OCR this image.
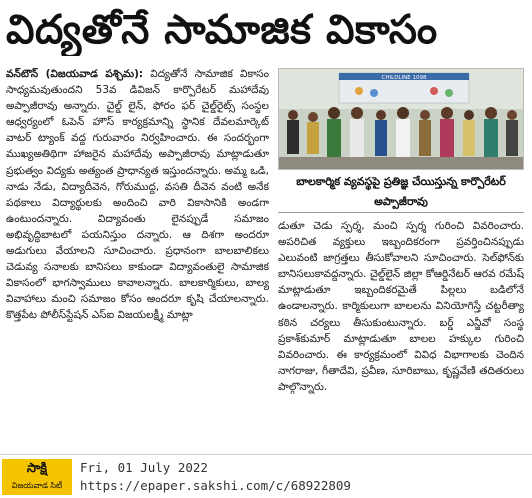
విద్యతోనే సామాజిక వికాసం
వన్‌టౌన్ (విజయవాడ పశ్చిమ): విద్యతోనే సామాజిక వికాసం సాధ్యమవుతుందని 53వ డివిజన్ కార్పొరేటర్ మహాదేవు అప్పాజీరావు అన్నారు. చైల్డ్ లైన్, ఫోరం ఫర్ చైల్డ్‌రైట్స్ సంస్థల ఆధ్వర్యంలో ఓపెన్ హౌస్ కార్యక్రమాన్ని స్థానిక దేవలమార్కెట్ వాటర్ ట్యాంక్ వద్ద గురువారం నిర్వహించారు. ఈ సందర్భంగా ముఖ్యఅతిథిగా హాజరైన మహాదేవు అప్పాజీరావు మాట్లాడుతూ ప్రభుత్వం విద్యకు అత్యంత ప్రాధాన్యత ఇస్తుందన్నారు. అమ్మ ఒడి, నాడు నేడు, విద్యాదీవెన, గోరుముద్ద, వసతి దీవెన వంటి అనేక పథకాలు విద్యార్థులకు అందించి వారి వికాసానికి అండగా ఉంటుందన్నారు. విద్యావంతు లైనప్పుడే సమాజం అభివృద్ధిబాటలో పయనిస్తుం దన్నారు. ఆ దిశగా అందరూ అడుగులు వేయాలని సూచించారు. ప్రధానంగా బాలబాలికలు చెడువ్య సనాలకు బానిసలు కాకుండా విద్యావంతులై సామాజిక వికాసంలో భాగస్వాములు కావాలన్నారు. బాలకార్మికులు, బాల్య వివాహాలు మంచి సమాజం కోసం అందరూ కృషి చేయాలన్నారు. కొత్తపేట పోలీస్‌స్టేషన్ ఎస్ఐ విజయలక్ష్మీ మాట్లా
CHILDLINE 1098
బాలకార్మిక వ్యవస్థపై ప్రతిజ్ఞ చేయిస్తున్న కార్పొరేటర్ అప్పాజీరావు
డుతూ చెడు స్పర్శ, మంచి స్పర్శ గురించి వివరించారు. అపరిచిత వ్యక్తులు ఇబ్బందికరంగా ప్రవర్తించినప్పుడు ఎలువంటి జాగ్రత్తలు తీసుకోవాలని సూచించారు. సెల్‌ఫోన్‌కు బానిసలుకావద్దన్నారు. చైల్డ్‌లైన్ జిల్లా కోఆర్డినేటర్ ఆరవ రమేష్ మాట్లాడుతూ ఇబ్బందికరమైతే పిల్లలు బడిలోనే ఉండాలన్నారు. కార్మికులుగా బాలలను వినియోగిస్తే చట్టరీత్యా కఠిన చర్యలు తీసుకుంటున్నారు. బర్డ్ ఎన్జీవో సంస్థ ప్రకాశ్‌కుమార్ మాట్లాడుతూ బాలల హక్కుల గురించి వివరించారు. ఈ కార్యక్రమంలో వివిధ విభాగాలకు చెందిన నాగరాజు, గీతాదేవి, ప్రవీణ, సూరిబాబు, కృష్ణవేణి తదితరులు పాల్గొన్నారు.
సాక్షి
విజయవాడ సిటీ
Fri, 01 July 2022
https://epaper.sakshi.com/c/68922809
